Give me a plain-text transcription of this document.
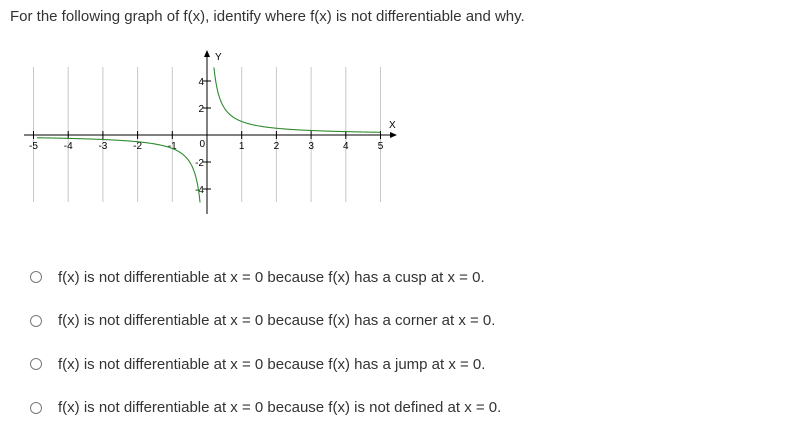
For the following graph of f(x), identify where f(x) is not differentiable and why.
-5	-4	-3	-2	-1	1	2	3	4	5
4
2
-2
-4
X
Y
0
f(x) is not differentiable at x = 0 because f(x) has a cusp at x = 0.
f(x) is not differentiable at x = 0 because f(x) has a corner at x = 0.
f(x) is not differentiable at x = 0 because f(x) has a jump at x = 0.
f(x) is not differentiable at x = 0 because f(x) is not defined at x = 0.
